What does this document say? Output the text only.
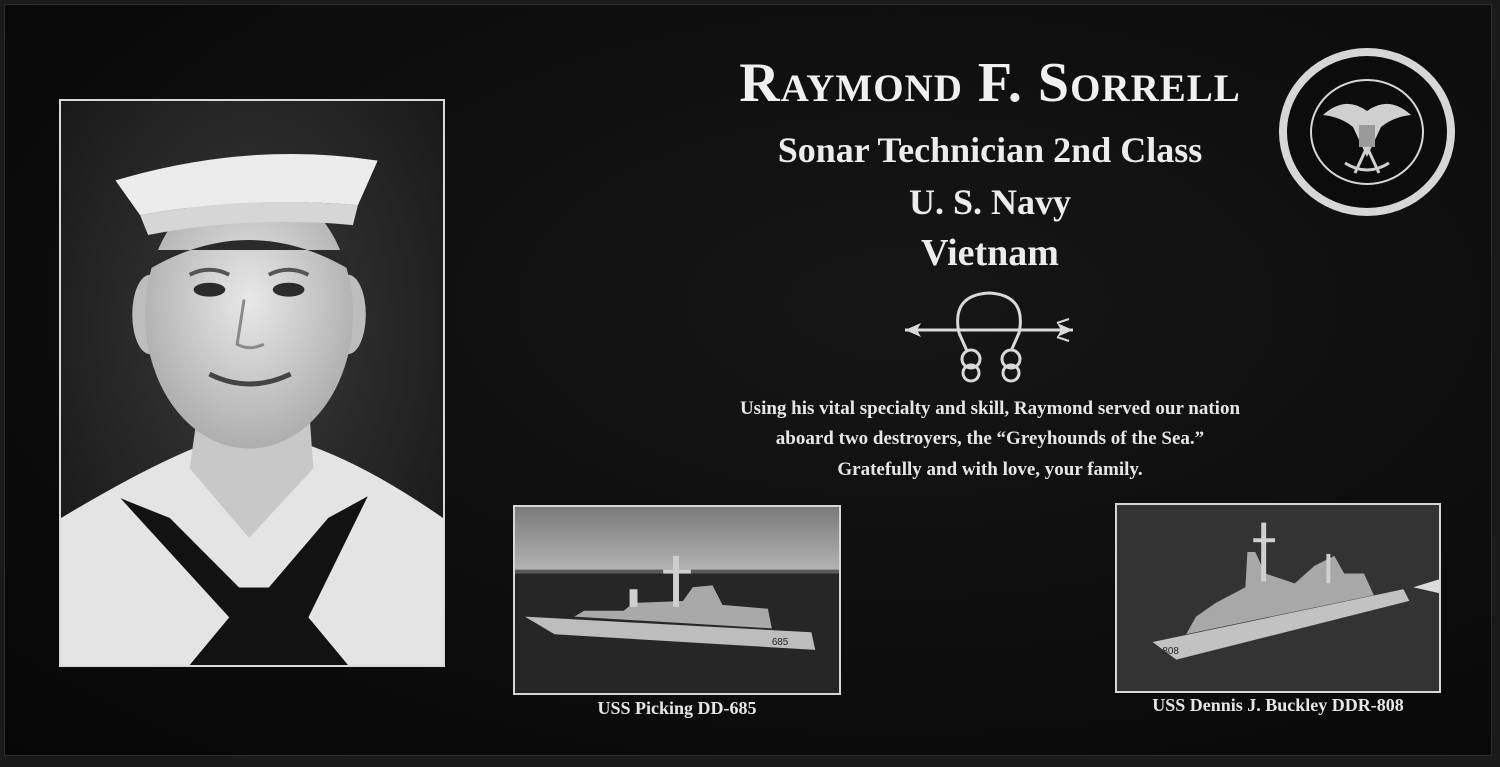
Raymond F. Sorrell
Sonar Technician 2nd Class
U. S. Navy
Vietnam
Using his vital specialty and skill, Raymond served our nation
aboard two destroyers, the “Greyhounds of the Sea.”
Gratefully and with love, your family.
685
USS Picking DD-685
808
USS Dennis J. Buckley DDR-808
